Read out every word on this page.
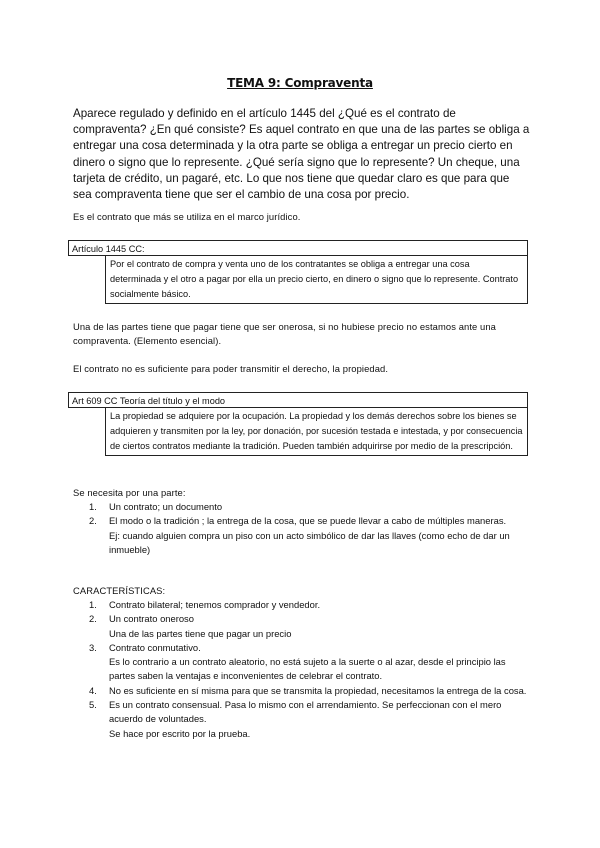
TEMA 9: Compraventa
Aparece regulado y definido en el artículo 1445 del ¿Qué es el contrato de compraventa? ¿En qué consiste? Es aquel contrato en que una de las partes se obliga a entregar una cosa determinada y la otra parte se obliga a entregar un precio cierto en dinero o signo que lo represente. ¿Qué sería signo que lo represente? Un cheque, una tarjeta de crédito, un pagaré, etc. Lo que nos tiene que quedar claro es que para que sea compraventa tiene que ser el cambio de una cosa por precio.
Es el contrato que más se utiliza en el marco jurídico.
Artículo 1445 CC:
Por el contrato de compra y venta uno de los contratantes se obliga a entregar una cosa determinada y el otro a pagar por ella un precio cierto, en dinero o signo que lo represente. Contrato socialmente básico.
Una de las partes tiene que pagar tiene que ser onerosa, si no hubiese precio no estamos ante una compraventa. (Elemento esencial).
El contrato no es suficiente para poder transmitir el derecho, la propiedad.
Art 609 CC Teoría del título y el modo
La propiedad se adquiere por la ocupación. La propiedad y los demás derechos sobre los bienes se adquieren y transmiten por la ley, por donación, por sucesión testada e intestada, y por consecuencia de ciertos contratos mediante la tradición. Pueden también adquirirse por medio de la prescripción.
Se necesita por una parte:
1. Un contrato; un documento
2. El modo o la tradición ; la entrega de la cosa, que se puede llevar a cabo de múltiples maneras.
Ej: cuando alguien compra un piso con un acto simbólico de dar las llaves (como echo de dar un inmueble)
CARACTERÍSTICAS:
1. Contrato bilateral; tenemos comprador y vendedor.
2. Un contrato oneroso
Una de las partes tiene que pagar un precio
3. Contrato conmutativo.
Es lo contrario a un contrato aleatorio, no está sujeto a la suerte o al azar, desde el principio las partes saben la ventajas e inconvenientes de celebrar el contrato.
4. No es suficiente en sí misma para que se transmita la propiedad, necesitamos la entrega de la cosa.
5. Es un contrato consensual. Pasa lo mismo con el arrendamiento. Se perfeccionan con el mero acuerdo de voluntades.
Se hace por escrito por la prueba.
